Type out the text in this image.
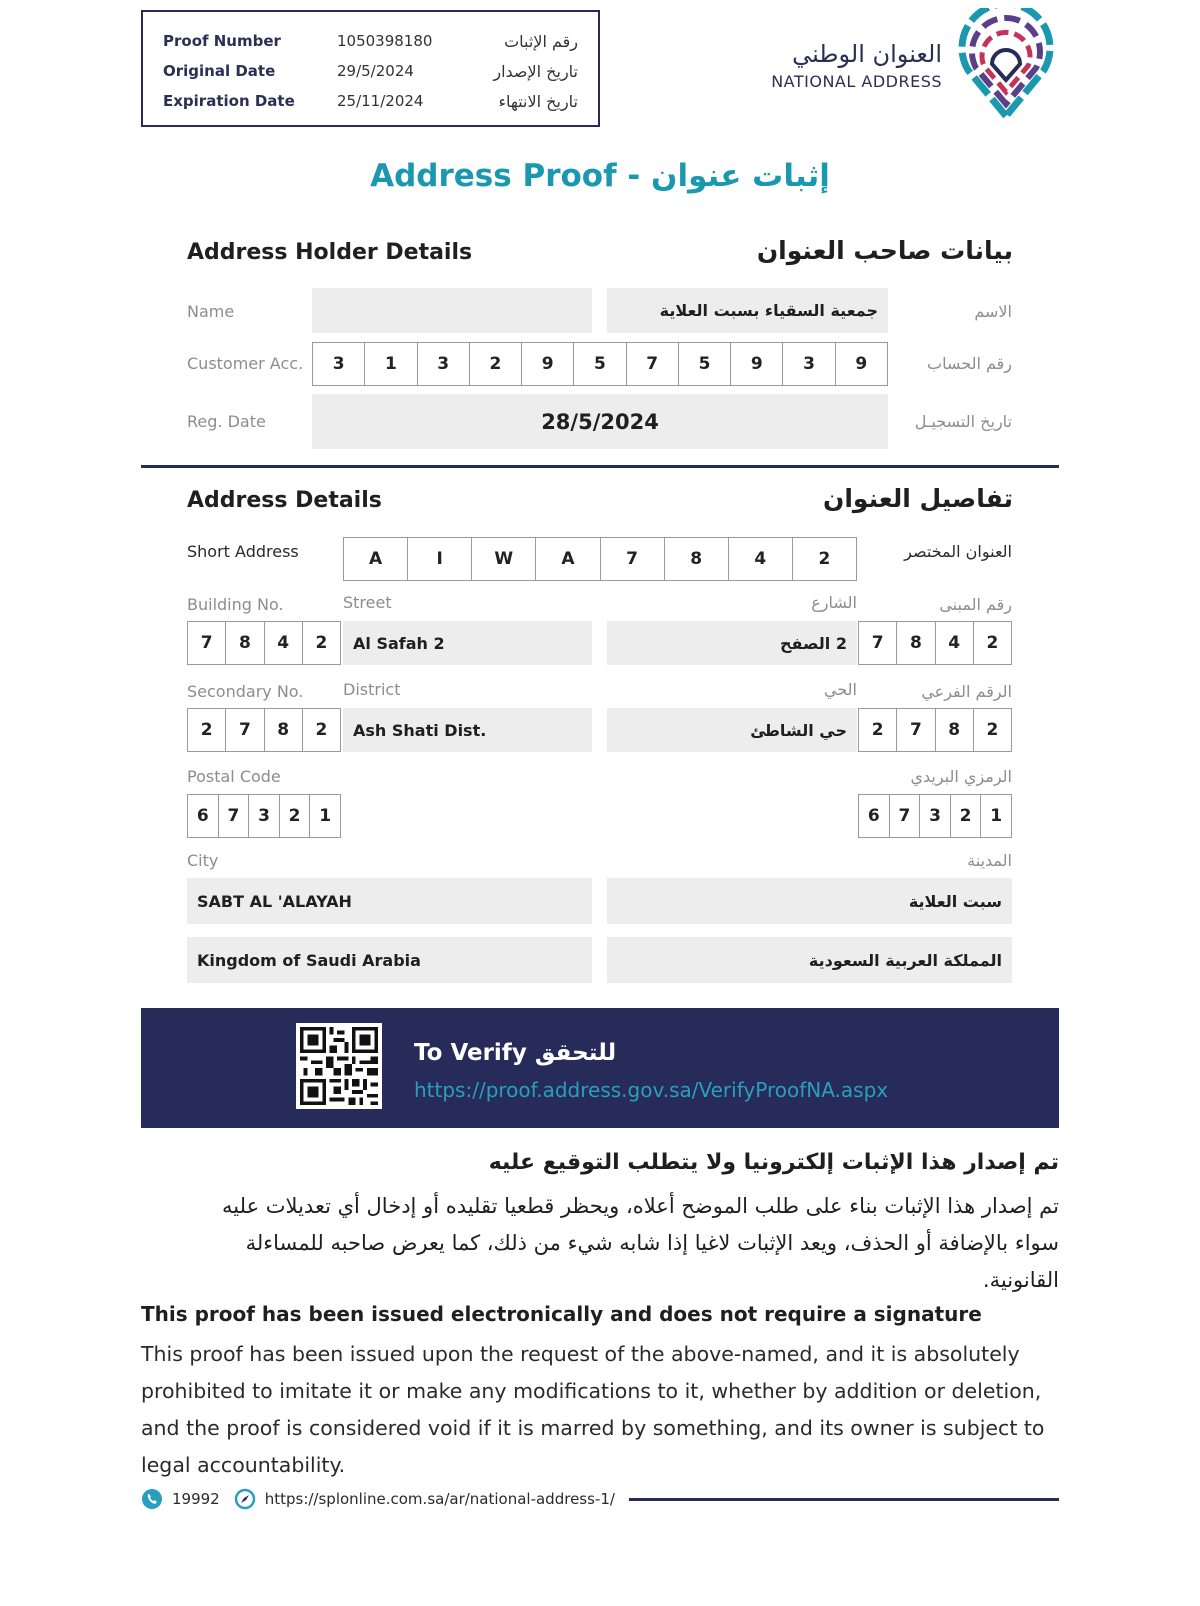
Proof Number	1050398180	رقم الإثبات
Original Date	29/5/2024	تاريخ الإصدار
Expiration Date	25/11/2024	تاريخ الانتهاء
العنوان الوطني
NATIONAL ADDRESS
Address Proof - إثبات عنوان
Address Holder Details	بيانات صاحب العنوان
Name	الاسم
جمعية السقياء بسبت العلاية
Customer Acc.	رقم الحساب
3	1	3	2	9	5	7	5	9	3	9
Reg. Date	تاريخ التسجيـل
28/5/2024
Address Details	تفاصيل العنوان
Short Address	العنوان المختصر
A	I	W	A	7	8	4	2
Building No.	Street	الشارع	رقم المبنى
7	8	4	2	Al Safah 2	2 الصفح	7	8	4	2
Secondary No. District	الحي	الرقم الفرعي
2	7	8	2	Ash Shati Dist.	حي الشاطئ	2	7	8	2
Postal Code	الرمزي البريدي
6	7	3	2	1	6	7	3	2	1
City	المدينة
SABT AL 'ALAYAH	سبت العلاية
Kingdom of Saudi Arabia	المملكة العربية السعودية
To Verify للتحقق
https://proof.address.gov.sa/VerifyProofNA.aspx
تم إصدار هذا الإثبات إلكترونيا ولا يتطلب التوقيع عليه
تم إصدار هذا الإثبات بناء على طلب الموضح أعلاه، ويحظر قطعيا تقليده أو إدخال أي تعديلات عليه سواء بالإضافة أو الحذف، ويعد الإثبات لاغيا إذا شابه شيء من ذلك، كما يعرض صاحبه للمساءلة القانونية.
This proof has been issued electronically and does not require a signature
This proof has been issued upon the request of the above-named, and it is absolutely prohibited to imitate it or make any modifications to it, whether by addition or deletion, and the proof is considered void if it is marred by something, and its owner is subject to legal accountability.
19992	https://splonline.com.sa/ar/national-address-1/
